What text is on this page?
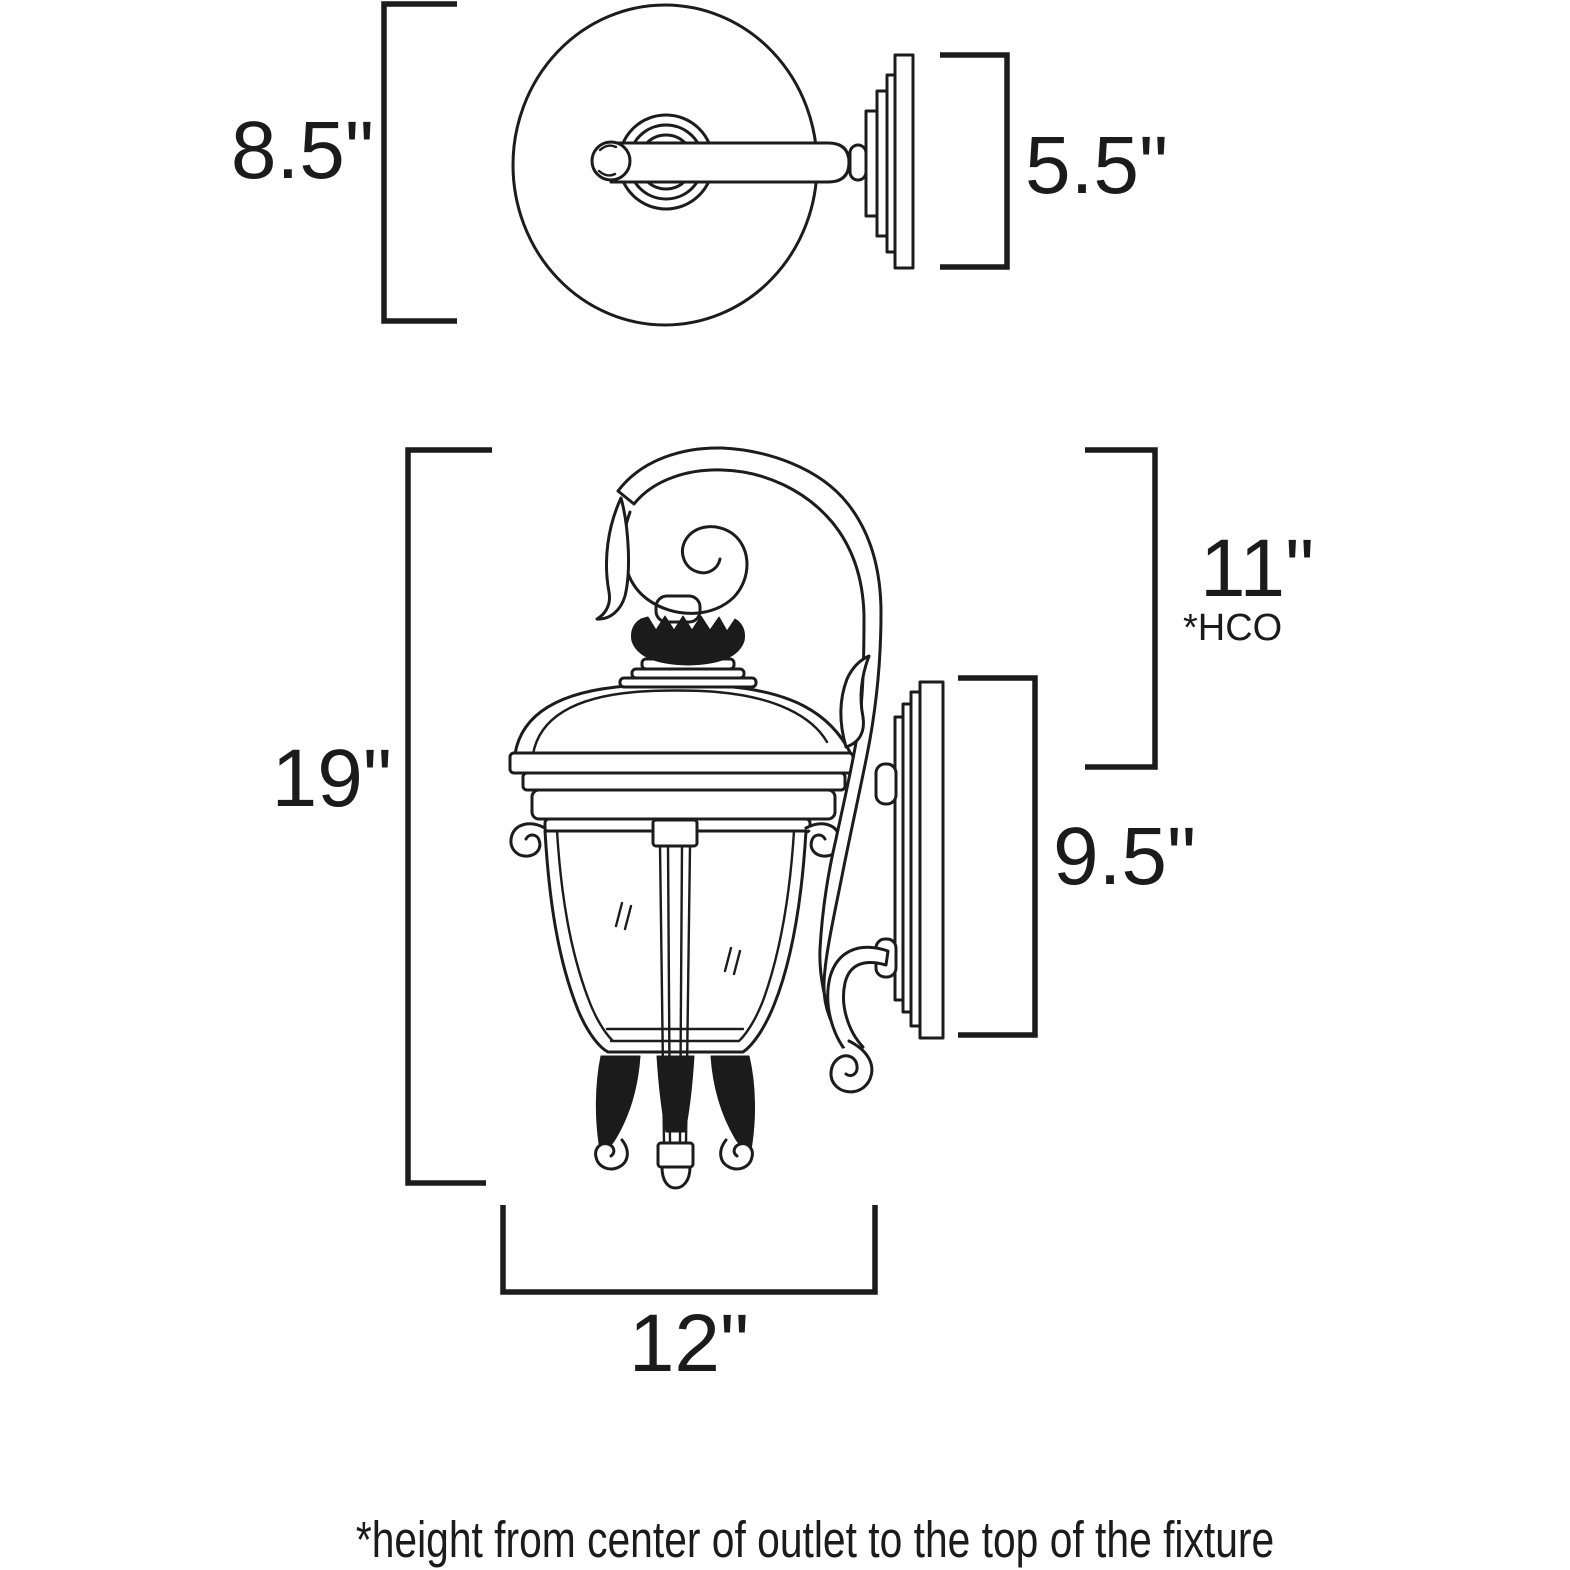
8.5"	5.5"
19"
11"
*HCO
9.5"
12"
*height from center of outlet to the top of the fixture
